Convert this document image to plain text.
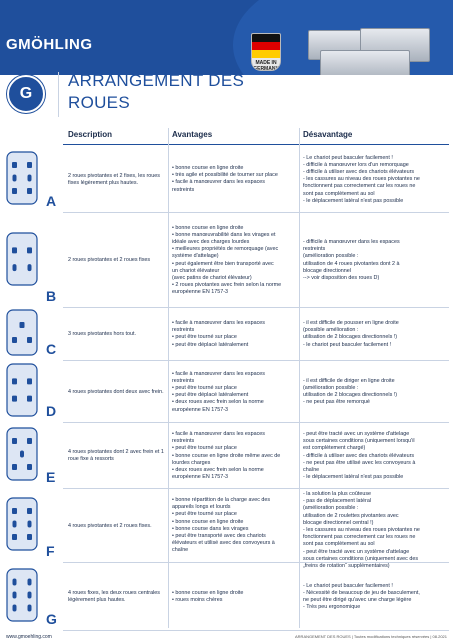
GMÖHLING
MADE IN GERMANY
G
ARRANGEMENT DES
ROUES
Description	Avantages	Désavantage
A
2 roues pivotantes et 2 fixes, les roues fixes légèrement plus hautes.
• bonne course en ligne droite
• très agile et possibilité de tourner sur place
• facile à manœuvrer dans les espaces
restreints
- Le chariot peut basculer facilement !
- difficile à manœuvrer lors d'un remorquage
- difficile à utiliser avec des chariots élévateurs
- les cassures au niveau des roues pivotantes ne
fonctionnent pas correctement car les roues ne
sont pas complètement au sol
- le déplacement latéral n'est pas possible
B
2 roues pivotantes et 2 roues fixes
• bonne course en ligne droite
• bonne manœuvrabilité dans les virages et
idéale avec des charges lourdes
• meilleures propriétés de remorquage (avec
système d'attelage)
• peut également être bien transporté avec
un chariot élévateur
(avec patins de chariot élévateur)
• 2 roues pivotantes avec frein selon la norme
européenne EN 1757-3
- difficile à manœuvrer dans les espaces
restreints
(amélioration possible :
utilisation de 4 roues pivotantes dont 2 à
blocage directionnel
--> voir disposition des roues D)
C
3 roues pivotantes hors tout.
• facile à manœuvrer dans les espaces
restreints
• peut être tourné sur place
• peut être déplacé latéralement
- il est difficile de pousser en ligne droite
(possible amélioration :
utilisation de 2 blocages directionnels !)
- le chariot peut basculer facilement !
D
4 roues pivotantes dont deux avec frein.
• facile à manœuvrer dans les espaces
restreints
• peut être tourné sur place
• peut être déplacé latéralement
• deux roues avec frein selon la norme
européenne EN 1757-3
- il est difficile de diriger en ligne droite
(amélioration possible :
utilisation de 2 blocages directionnels !)
- ne peut pas être remorqué
E
4 roues pivotantes dont 2 avec frein et 1 roue fixe à ressorts
• facile à manœuvrer dans les espaces
restreints
• peut être tourné sur place
• bonne course en ligne droite même avec de
lourdes charges
• deux roues avec frein selon la norme
européenne EN 1757-3
- peut être tracté avec un système d'attelage
sous certaines conditions (uniquement lorsqu'il
est complètement chargé)
- difficile à utiliser avec des chariots élévateurs
- ne peut pas être utilisé avec les convoyeurs à
chaîne
- le déplacement latéral n'est pas possible
F
4 roues pivotantes et 2 roues fixes.
• bonne répartition de la charge avec des
appareils longs et lourds
• peut être tourné sur place
• bonne course en ligne droite
• bonne course dans les virages
• peut être transporté avec des chariots
élévateurs et utilisé avec des convoyeurs à
chaîne
- la solution la plus coûteuse
- pas de déplacement latéral
(amélioration possible :
utilisation de 2 roulettes pivotantes avec
blocage directionnel central !)
- les cassures au niveau des roues pivotantes ne
fonctionnent pas correctement car les roues ne
sont pas complètement au sol
- peut être tracté avec un système d'attelage
sous certaines conditions (uniquement avec des
„freins de rotation“ supplémentaires)
G
4 roues fixes, les deux roues centrales légèrement plus hautes.
• bonne course en ligne droite
• roues moins chères
- Le chariot peut basculer facilement !
- Nécessité de beaucoup de jeu de basculement,
ne peut être dirigé qu'avec une charge légère
- Très peu ergonomique
www.gmoehling.com	ARRANGEMENT DES ROUES | Toutes modifications techniques réservées | 08.2021
